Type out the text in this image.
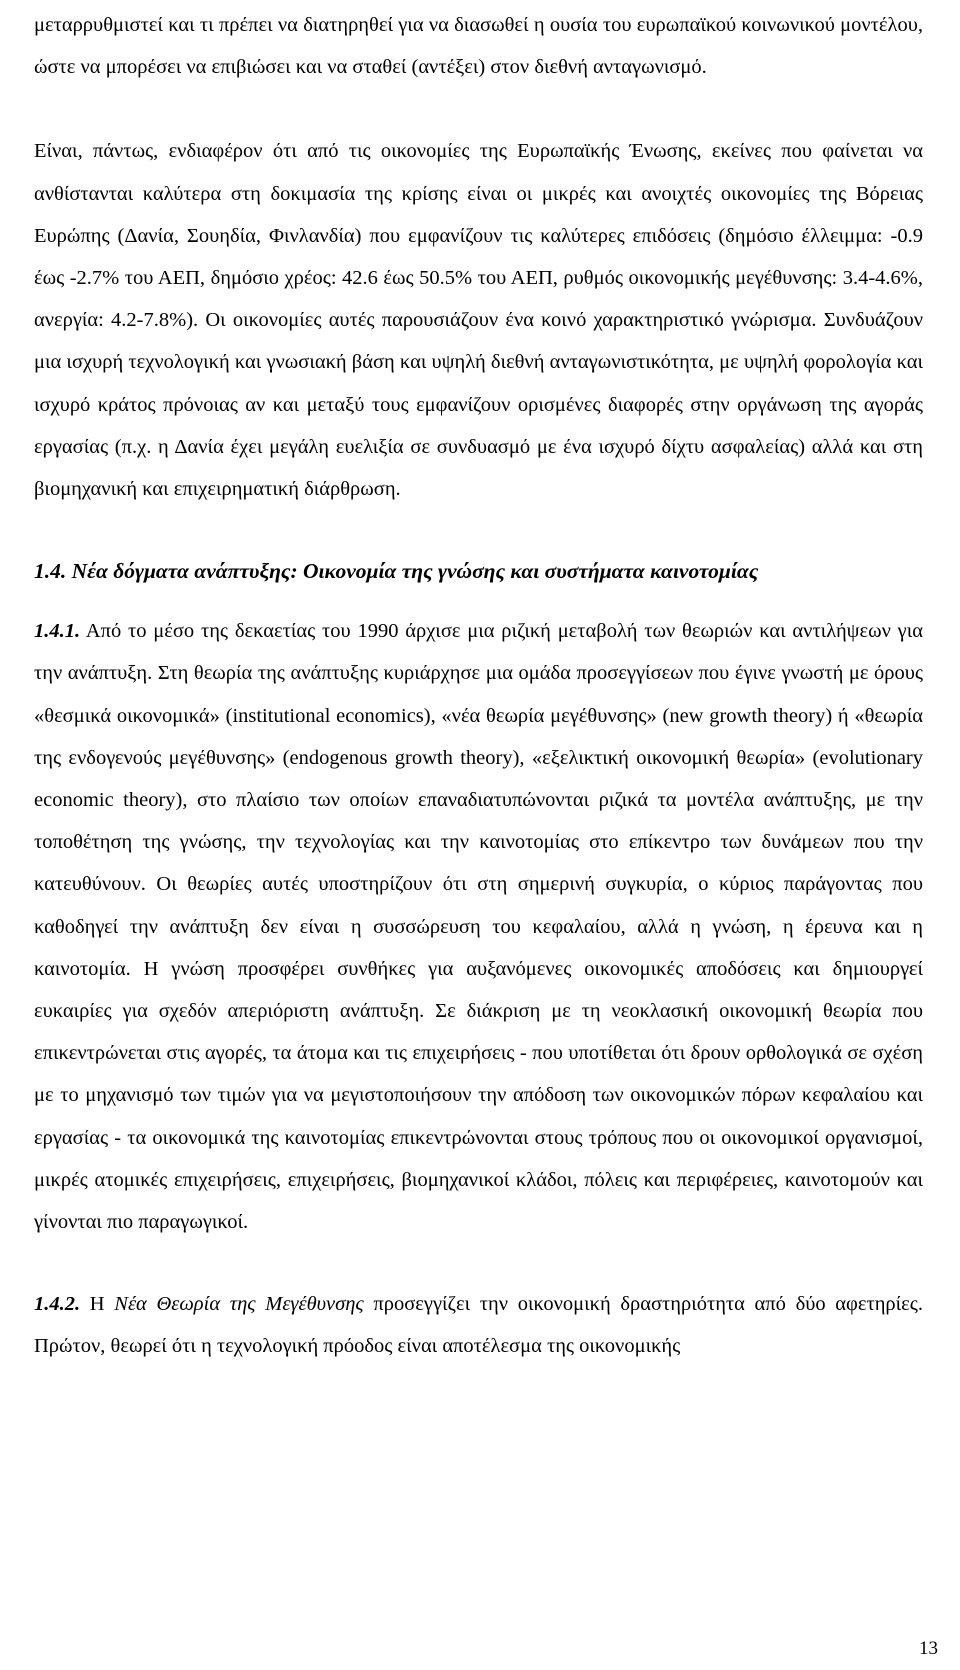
μεταρρυθμιστεί και τι πρέπει να διατηρηθεί για να διασωθεί η ουσία του ευρωπαϊκού κοινωνικού μοντέλου, ώστε να μπορέσει να επιβιώσει και να σταθεί (αντέξει) στον διεθνή ανταγωνισμό.

Είναι, πάντως, ενδιαφέρον ότι από τις οικονομίες της Ευρωπαϊκής Ένωσης, εκείνες που φαίνεται να ανθίστανται καλύτερα στη δοκιμασία της κρίσης είναι οι μικρές και ανοιχτές οικονομίες της Βόρειας Ευρώπης (Δανία, Σουηδία, Φινλανδία) που εμφανίζουν τις καλύτερες επιδόσεις (δημόσιο έλλειμμα: -0.9 έως -2.7% του ΑΕΠ, δημόσιο χρέος: 42.6 έως 50.5% του ΑΕΠ, ρυθμός οικονομικής μεγέθυνσης: 3.4-4.6%, ανεργία: 4.2-7.8%). Οι οικονομίες αυτές παρουσιάζουν ένα κοινό χαρακτηριστικό γνώρισμα. Συνδυάζουν μια ισχυρή τεχνολογική και γνωσιακή βάση και υψηλή διεθνή ανταγωνιστικότητα, με υψηλή φορολογία και ισχυρό κράτος πρόνοιας αν και μεταξύ τους εμφανίζουν ορισμένες διαφορές στην οργάνωση της αγοράς εργασίας (π.χ. η Δανία έχει μεγάλη ευελιξία σε συνδυασμό με ένα ισχυρό δίχτυ ασφαλείας) αλλά και στη βιομηχανική και επιχειρηματική διάρθρωση.

1.4. Νέα δόγματα ανάπτυξης: Οικονομία της γνώσης και συστήματα καινοτομίας

1.4.1. Από το μέσο της δεκαετίας του 1990 άρχισε μια ριζική μεταβολή των θεωριών και αντιλήψεων για την ανάπτυξη. Στη θεωρία της ανάπτυξης κυριάρχησε μια ομάδα προσεγγίσεων που έγινε γνωστή με όρους «θεσμικά οικονομικά» (institutional economics), «νέα θεωρία μεγέθυνσης» (new growth theory) ή «θεωρία της ενδογενούς μεγέθυνσης» (endogenous growth theory), «εξελικτική οικονομική θεωρία» (evolutionary economic theory), στο πλαίσιο των οποίων επαναδιατυπώνονται ριζικά τα μοντέλα ανάπτυξης, με την τοποθέτηση της γνώσης, την τεχνολογίας και την καινοτομίας στο επίκεντρο των δυνάμεων που την κατευθύνουν. Οι θεωρίες αυτές υποστηρίζουν ότι στη σημερινή συγκυρία, ο κύριος παράγοντας που καθοδηγεί την ανάπτυξη δεν είναι η συσσώρευση του κεφαλαίου, αλλά η γνώση, η έρευνα και η καινοτομία. Η γνώση προσφέρει συνθήκες για αυξανόμενες οικονομικές αποδόσεις και δημιουργεί ευκαιρίες για σχεδόν απεριόριστη ανάπτυξη. Σε διάκριση με τη νεοκλασική οικονομική θεωρία που επικεντρώνεται στις αγορές, τα άτομα και τις επιχειρήσεις - που υποτίθεται ότι δρουν ορθολογικά σε σχέση με το μηχανισμό των τιμών για να μεγιστοποιήσουν την απόδοση των οικονομικών πόρων κεφαλαίου και εργασίας - τα οικονομικά της καινοτομίας επικεντρώνονται στους τρόπους που οι οικονομικοί οργανισμοί, μικρές ατομικές επιχειρήσεις, επιχειρήσεις, βιομηχανικοί κλάδοι, πόλεις και περιφέρειες, καινοτομούν και γίνονται πιο παραγωγικοί.

1.4.2. Η Νέα Θεωρία της Μεγέθυνσης προσεγγίζει την οικονομική δραστηριότητα από δύο αφετηρίες. Πρώτον, θεωρεί ότι η τεχνολογική πρόοδος είναι αποτέλεσμα της οικονομικής

13
